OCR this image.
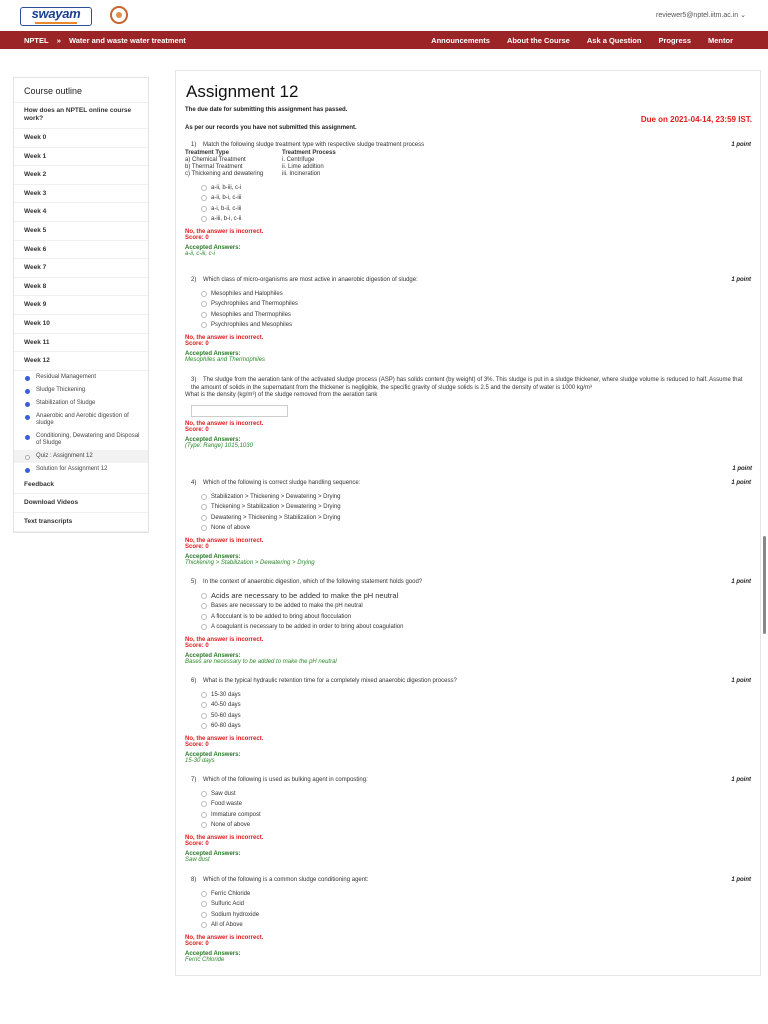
swayam	reviewer5@nptel.iitm.ac.in ⌄
NPTEL » Water and waste water treatment	Announcements About the Course Ask a Question Progress Mentor
Course outline
How does an NPTEL online course work?
Week 0
Week 1
Week 2
Week 3
Week 4
Week 5
Week 6
Week 7
Week 8
Week 9
Week 10
Week 11
Week 12
Residual Management
Sludge Thickening
Stabilization of Sludge
Anaerobic and Aerobic digestion of sludge
Conditioning, Dewatering and Disposal of Sludge
Quiz : Assignment 12
Solution for Assignment 12
Feedback
Download Videos
Text transcripts
Assignment 12
The due date for submitting this assignment has passed.
Due on 2021-04-14, 23:59 IST.
As per our records you have not submitted this assignment.
1)    Match the following sludge treatment type with respective sludge treatment process	1 point
Treatment Type	Treatment Process
a) Chemical Treatment	i. Centrifuge
b) Thermal Treatment	ii. Lime addition
c) Thickening and dewatering	iii. Incineration
a-ii, b-iii, c-i
a-ii, b-i, c-iii
a-i, b-ii, c-iii
a-iii, b-i, c-ii
No, the answer is incorrect.
Score: 0
Accepted Answers:
a-ii, c-iii, c-i
2)    Which class of micro-organisms are most active in anaerobic digestion of sludge:	1 point
Mesophiles and Halophiles
Psychrophiles and Thermophiles
Mesophiles and Thermophiles
Psychrophiles and Mesophiles
No, the answer is incorrect.
Score: 0
Accepted Answers:
Mesophiles and Thermophiles
3)    The sludge from the aeration tank of the activated sludge process (ASP) has solids content (by weight) of 3%. This sludge is put in a sludge thickener, where sludge volume is reduced to half. Assume that the amount of solids in the supernatant from the thickener is negligible, the specific gravity of sludge solids is 2.5 and the density of water is 1000 kg/m³
What is the density (kg/m³) of the sludge removed from the aeration tank
No, the answer is incorrect.
Score: 0
Accepted Answers:
(Type: Range) 1015,1030
1 point
4)    Which of the following is correct sludge handling sequence:	1 point
Stabilization > Thickening > Dewatering > Drying
Thickening > Stabilization > Dewatering > Drying
Dewatering > Thickening > Stabilization > Drying
None of above
No, the answer is incorrect.
Score: 0
Accepted Answers:
Thickening > Stabilization > Dewatering > Drying
5)    In the context of anaerobic digestion, which of the following statement holds good?	1 point
Acids are necessary to be added to make the pH neutral
Bases are necessary to be added to make the pH neutral
A flocculant is to be added to bring about flocculation
A coagulant is necessary to be added in order to bring about coagulation
No, the answer is incorrect.
Score: 0
Accepted Answers:
Bases are necessary to be added to make the pH neutral
6)    What is the typical hydraulic retention time for a completely mixed anaerobic digestion process?	1 point
15-30 days
40-50 days
50-60 days
60-80 days
No, the answer is incorrect.
Score: 0
Accepted Answers:
15-30 days
7)    Which of the following is used as bulking agent in composting:	1 point
Saw dust
Food waste
Immature compost
None of above
No, the answer is incorrect.
Score: 0
Accepted Answers:
Saw dust
8)    Which of the following is a common sludge conditioning agent:	1 point
Ferric Chloride
Sulfuric Acid
Sodium hydroxide
All of Above
No, the answer is incorrect.
Score: 0
Accepted Answers:
Ferric Chloride
